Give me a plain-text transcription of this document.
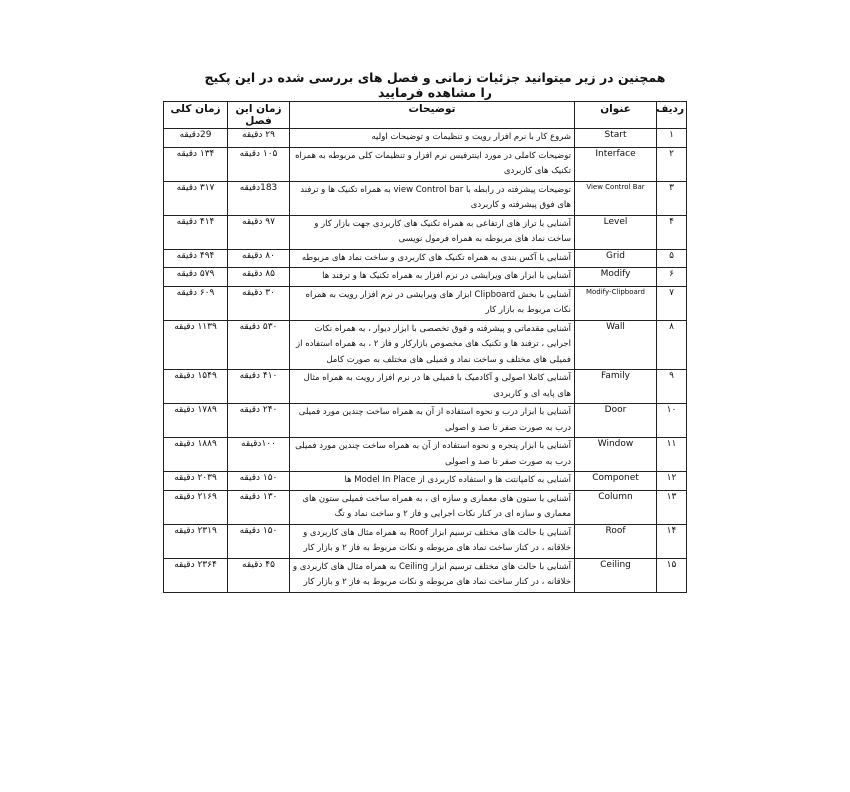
همچنین در زیر میتوانید جزئیات زمانی و فصل های بررسی شده در این پکیج را مشاهده فرمایید
ردیف	عنوان	توضیحات	زمان این فصل	زمان کلی
۱	Start	شروع کار با نرم افزار رویت و تنظیمات و توضیحات اولیه	۲۹ دقیقه	29دقیقه
۲	Interface	توضیحات کاملی در مورد اینترفیس نرم افزار و تنظیمات کلی مربوطه به همراه تکنیک های کاربردی	۱۰۵ دقیقه	۱۳۴ دقیقه
۳	View Control Bar	توضیحات پیشرفته در رابطه با view Control bar به همراه تکنیک ها و ترفند های فوق پیشرفته و کاربردی	183دقیقه	۳۱۷ دقیقه
۴	Level	آشنایی با تراز های ارتفاعی به همراه تکنیک های کاربردی جهت بازار کار و ساخت نماد های مربوطه به همراه فرمول نویسی	۹۷ دقیقه	۴۱۴ دقیقه
۵	Grid	آشنایی با آکس بندی به همراه تکنیک های کاربردی و ساخت نماد های مربوطه	۸۰ دقیقه	۴۹۴ دقیقه
۶	Modify	آشنایی با ابزار های ویرایشی در نرم افزار به همراه تکنیک ها و ترفند ها	۸۵ دقیقه	۵۷۹ دقیقه
۷	Modify-Clipboard	آشنایی با بخش Clipboard ابزار های ویرایشی در نرم افزار رویت به همراه نکات مربوط به بازار کار	۳۰ دقیقه	۶۰۹ دقیقه
۸	Wall	آشنایی مقدماتی و پیشرفته و فوق تخصصی با ابزار دیوار ، به همراه نکات اجرایی ، ترفند ها و تکنیک های مخصوص بازارکار و فاز ۲ ، به همراه استفاده از فمیلی های مختلف و ساخت نماد و فمیلی های مختلف به صورت کامل	۵۳۰ دقیقه	۱۱۳۹ دقیقه
۹	Family	آشنایی کاملا اصولی و آکادمیک با فمیلی ها در نرم افزار رویت به همراه مثال های پایه ای و کاربردی	۴۱۰ دقیقه	۱۵۴۹ دقیقه
۱۰	Door	آشنایی با ابزار درب و نحوه استفاده از آن به همراه ساخت چندین مورد فمیلی درب به صورت صفر تا صد و اصولی	۲۴۰ دقیقه	۱۷۸۹ دقیقه
۱۱	Window	آشنایی با ابزار پنجره و نحوه استفاده از آن به همراه ساخت چندین مورد فمیلی درب به صورت صفر تا صد و اصولی	۱۰۰دقیقه	۱۸۸۹ دقیقه
۱۲	Componet	آشنایی به کامپانتت ها و استفاده کاربردی از Model In Place ها	۱۵۰ دقیقه	۲۰۳۹ دقیقه
۱۳	Column	آشنایی با ستون های معماری و سازه ای ، به همراه ساخت فمیلی ستون های معماری و سازه ای در کنار نکات اجرایی و فاز ۲ و ساخت نماد و تگ	۱۳۰ دقیقه	۲۱۶۹ دقیقه
۱۴	Roof	آشنایی با حالت های مختلف ترسیم ابزار Roof به همراه مثال های کاربردی و خلاقانه ، در کنار ساخت نماد های مربوطه و نکات مربوط به فاز ۲ و بازار کار	۱۵۰ دقیقه	۲۳۱۹ دقیقه
۱۵	Ceiling	آشنایی با حالت های مختلف ترسیم ابزار Ceiling به همراه مثال های کاربردی و خلاقانه ، در کنار ساخت نماد های مربوطه و نکات مربوط به فاز ۲ و بازار کار	۴۵ دقیقه	۲۳۶۴ دقیقه
